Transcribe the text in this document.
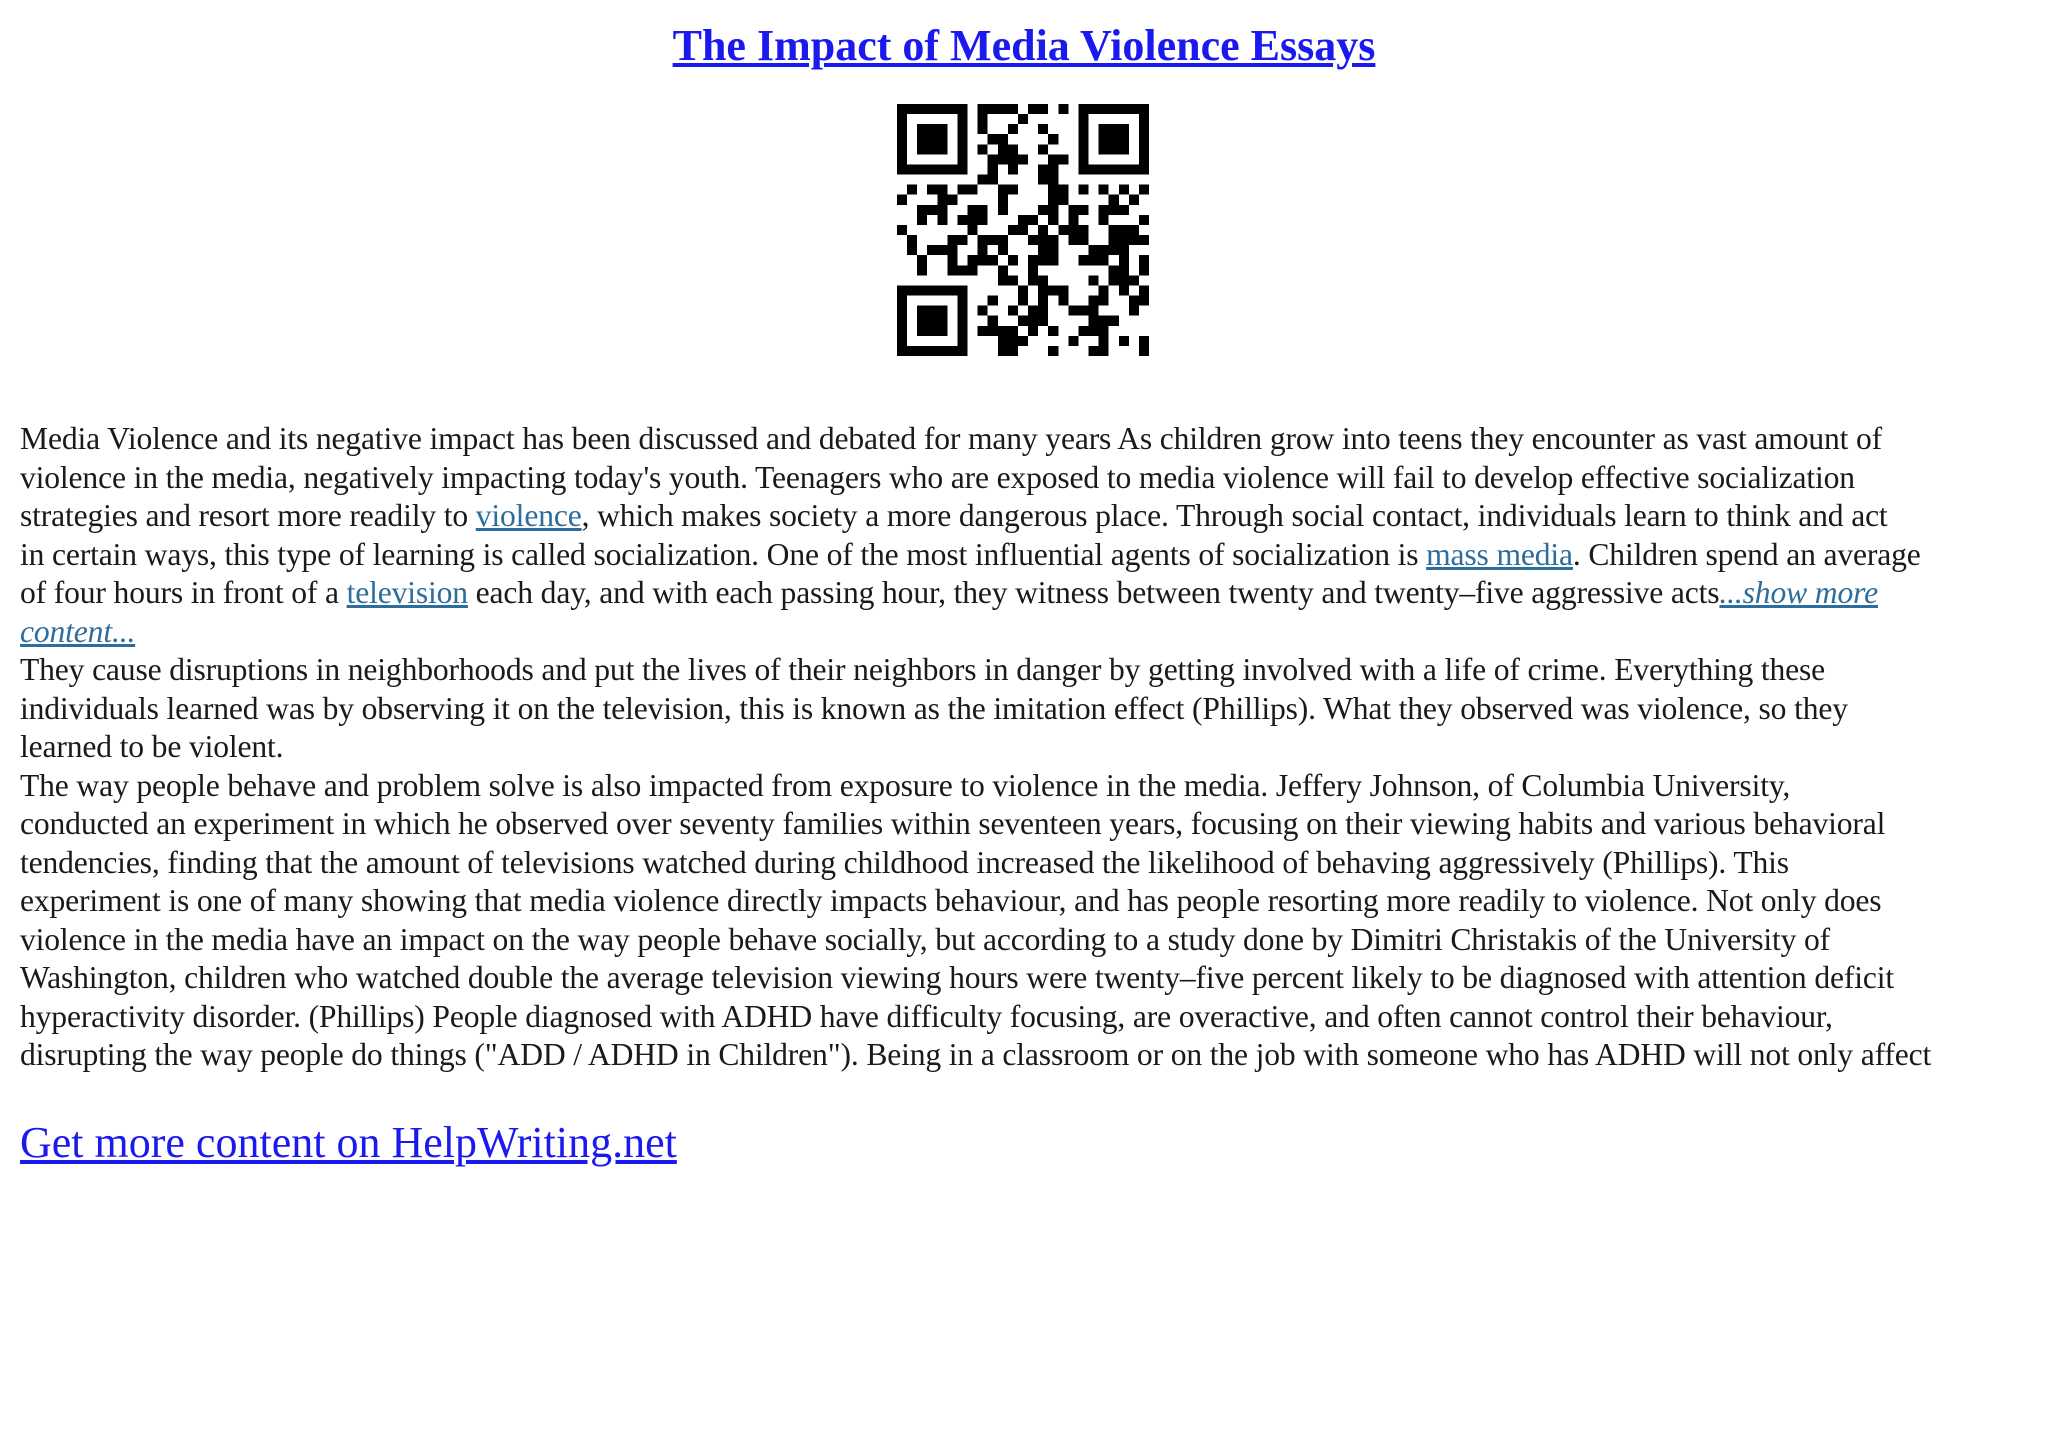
The Impact of Media Violence Essays
Media Violence and its negative impact has been discussed and debated for many years As children grow into teens they encounter as vast amount of
violence in the media, negatively impacting today's youth. Teenagers who are exposed to media violence will fail to develop effective socialization
strategies and resort more readily to violence, which makes society a more dangerous place. Through social contact, individuals learn to think and act
in certain ways, this type of learning is called socialization. One of the most influential agents of socialization is mass media. Children spend an average
of four hours in front of a television each day, and with each passing hour, they witness between twenty and twenty–five aggressive acts...show more
content...
They cause disruptions in neighborhoods and put the lives of their neighbors in danger by getting involved with a life of crime. Everything these
individuals learned was by observing it on the television, this is known as the imitation effect (Phillips). What they observed was violence, so they
learned to be violent.
The way people behave and problem solve is also impacted from exposure to violence in the media. Jeffery Johnson, of Columbia University,
conducted an experiment in which he observed over seventy families within seventeen years, focusing on their viewing habits and various behavioral
tendencies, finding that the amount of televisions watched during childhood increased the likelihood of behaving aggressively (Phillips). This
experiment is one of many showing that media violence directly impacts behaviour, and has people resorting more readily to violence. Not only does
violence in the media have an impact on the way people behave socially, but according to a study done by Dimitri Christakis of the University of
Washington, children who watched double the average television viewing hours were twenty–five percent likely to be diagnosed with attention deficit
hyperactivity disorder. (Phillips) People diagnosed with ADHD have difficulty focusing, are overactive, and often cannot control their behaviour,
disrupting the way people do things ("ADD / ADHD in Children"). Being in a classroom or on the job with someone who has ADHD will not only affect
Get more content on HelpWriting.net
